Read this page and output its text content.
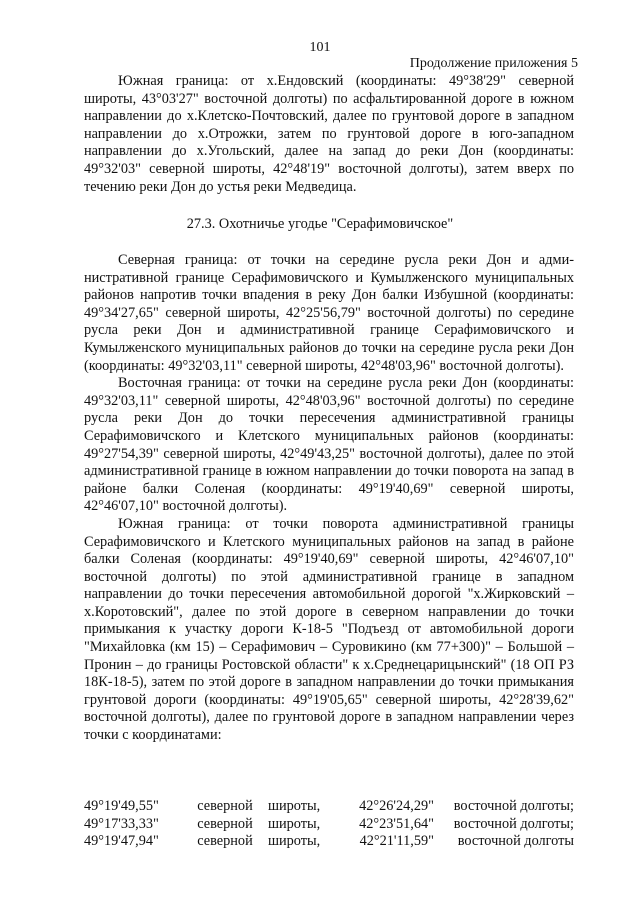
101
Продолжение приложения 5

Южная граница: от х.Ендовский (координаты: 49°38'29" северной широты, 43°03'27" восточной долготы) по асфальтированной дороге в южном направлении до х.Клетско-Почтовский, далее по грунтовой дороге в западном направлении до х.Отрожки, затем по грунтовой дороге в юго-западном направлении до х.Угольский, далее на запад до реки Дон (координаты: 49°32'03" северной широты, 42°48'19" восточной долготы), затем вверх по течению реки Дон до устья реки Медведица.

27.3. Охотничье угодье "Серафимовичское"

Северная граница: от точки на середине русла реки Дон и административной границе Серафимовичского и Кумылженского муниципальных районов напротив точки впадения в реку Дон балки Избушной (координаты: 49°34'27,65" северной широты, 42°25'56,79" восточной долготы) по середине русла реки Дон и административной границе Серафимовичского и Кумылженского муниципальных районов до точки на середине русла реки Дон (координаты: 49°32'03,11" северной широты, 42°48'03,96" восточной долготы).

Восточная граница: от точки на середине русла реки Дон (координаты: 49°32'03,11" северной широты, 42°48'03,96" восточной долготы) по середине русла реки Дон до точки пересечения административной границы Серафимовичского и Клетского муниципальных районов (координаты: 49°27'54,39" северной широты, 42°49'43,25" восточной долготы), далее по этой административной границе в южном направлении до точки поворота на запад в районе балки Соленая (координаты: 49°19'40,69" северной широты, 42°46'07,10" восточной долготы).

Южная граница: от точки поворота административной границы Серафимовичского и Клетского муниципальных районов на запад в районе балки Соленая (координаты: 49°19'40,69" северной широты, 42°46'07,10" восточной долготы) по этой административной границе в западном направлении до точки пересечения автомобильной дорогой "х.Жирковский – х.Коротовский", далее по этой дороге в северном направлении до точки примыкания к участку дороги К-18-5 "Подъезд от автомобильной дороги "Михайловка (км 15) – Серафимович – Суровикино (км 77+300)" – Большой – Пронин – до границы Ростовской области" к х.Среднецарицынский" (18 ОП РЗ 18К-18-5), затем по этой дороге в западном направлении до точки примыкания грунтовой дороги (координаты: 49°19'05,65" северной широты, 42°28'39,62" восточной долготы), далее по грунтовой дороге в западном направлении через точки с координатами:

49°19'49,55"	северной	широты,	42°26'24,29"	восточной долготы;
49°17'33,33"	северной	широты,	42°23'51,64"	восточной долготы;
49°19'47,94"	северной	широты,	42°21'11,59"	восточной долготы
